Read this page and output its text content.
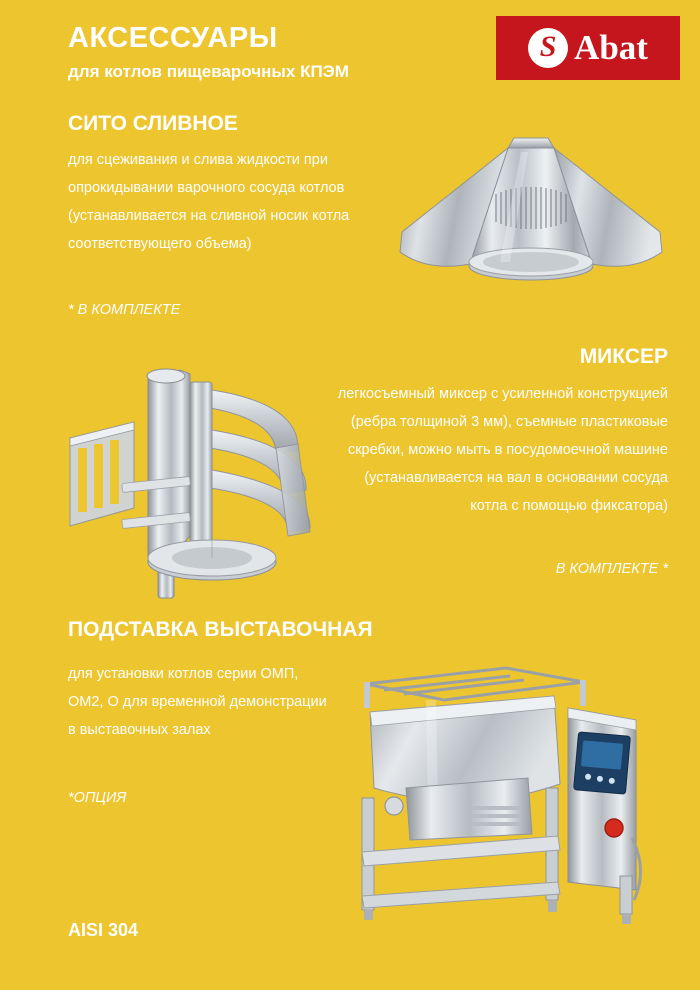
АКСЕССУАРЫ
для котлов пищеварочных КПЭМ
S Abat
СИТО СЛИВНОЕ
для сцеживания и слива жидкости при опрокидывании варочного сосуда котлов (устанавливается на сливной носик котла соответствующего объема)
* В КОМПЛЕКТЕ
МИКСЕР
легкосъемный миксер с усиленной конструкцией (ребра толщиной 3 мм), съемные пластиковые скребки, можно мыть в посудомоечной машине (устанавливается на вал в основании сосуда котла с помощью фиксатора)
В КОМПЛЕКТЕ *
ПОДСТАВКА ВЫСТАВОЧНАЯ
для установки котлов серии ОМП, ОМ2, О для временной демонстрации в выставочных залах
*ОПЦИЯ
AISI 304
